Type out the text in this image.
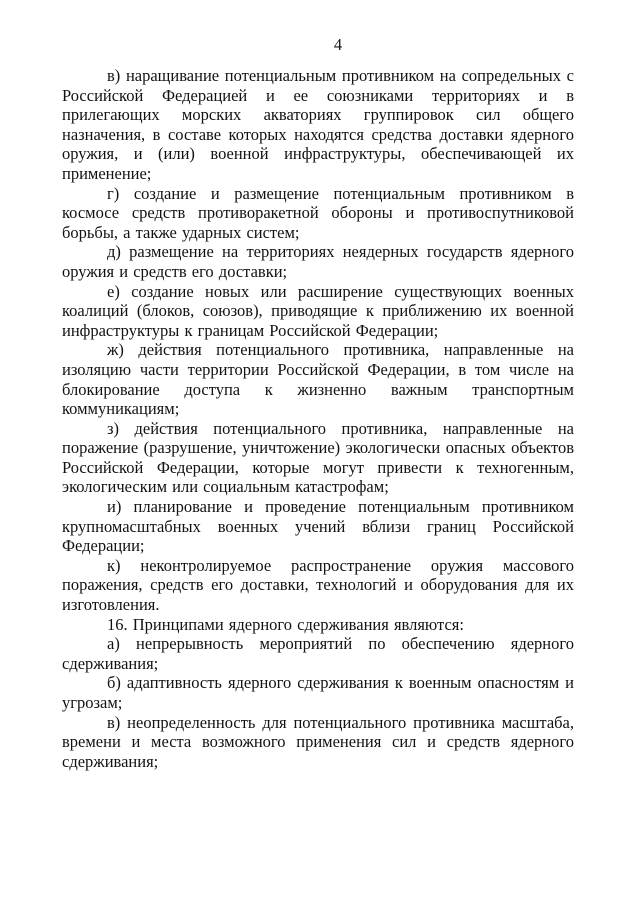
4

в) наращивание потенциальным противником на сопредельных с Российской Федерацией и ее союзниками территориях и в прилегающих морских акваториях группировок сил общего назначения, в составе которых находятся средства доставки ядерного оружия, и (или) военной инфраструктуры, обеспечивающей их применение;

г) создание и размещение потенциальным противником в космосе средств противоракетной обороны и противоспутниковой борьбы, а также ударных систем;

д) размещение на территориях неядерных государств ядерного оружия и средств его доставки;

е) создание новых или расширение существующих военных коалиций (блоков, союзов), приводящие к приближению их военной инфраструктуры к границам Российской Федерации;

ж) действия потенциального противника, направленные на изоляцию части территории Российской Федерации, в том числе на блокирование доступа к жизненно важным транспортным коммуникациям;

з) действия потенциального противника, направленные на поражение (разрушение, уничтожение) экологически опасных объектов Российской Федерации, которые могут привести к техногенным, экологическим или социальным катастрофам;

и) планирование и проведение потенциальным противником крупномасштабных военных учений вблизи границ Российской Федерации;

к) неконтролируемое распространение оружия массового поражения, средств его доставки, технологий и оборудования для их изготовления.

16. Принципами ядерного сдерживания являются:

а) непрерывность мероприятий по обеспечению ядерного сдерживания;

б) адаптивность ядерного сдерживания к военным опасностям и угрозам;

в) неопределенность для потенциального противника масштаба, времени и места возможного применения сил и средств ядерного сдерживания;
